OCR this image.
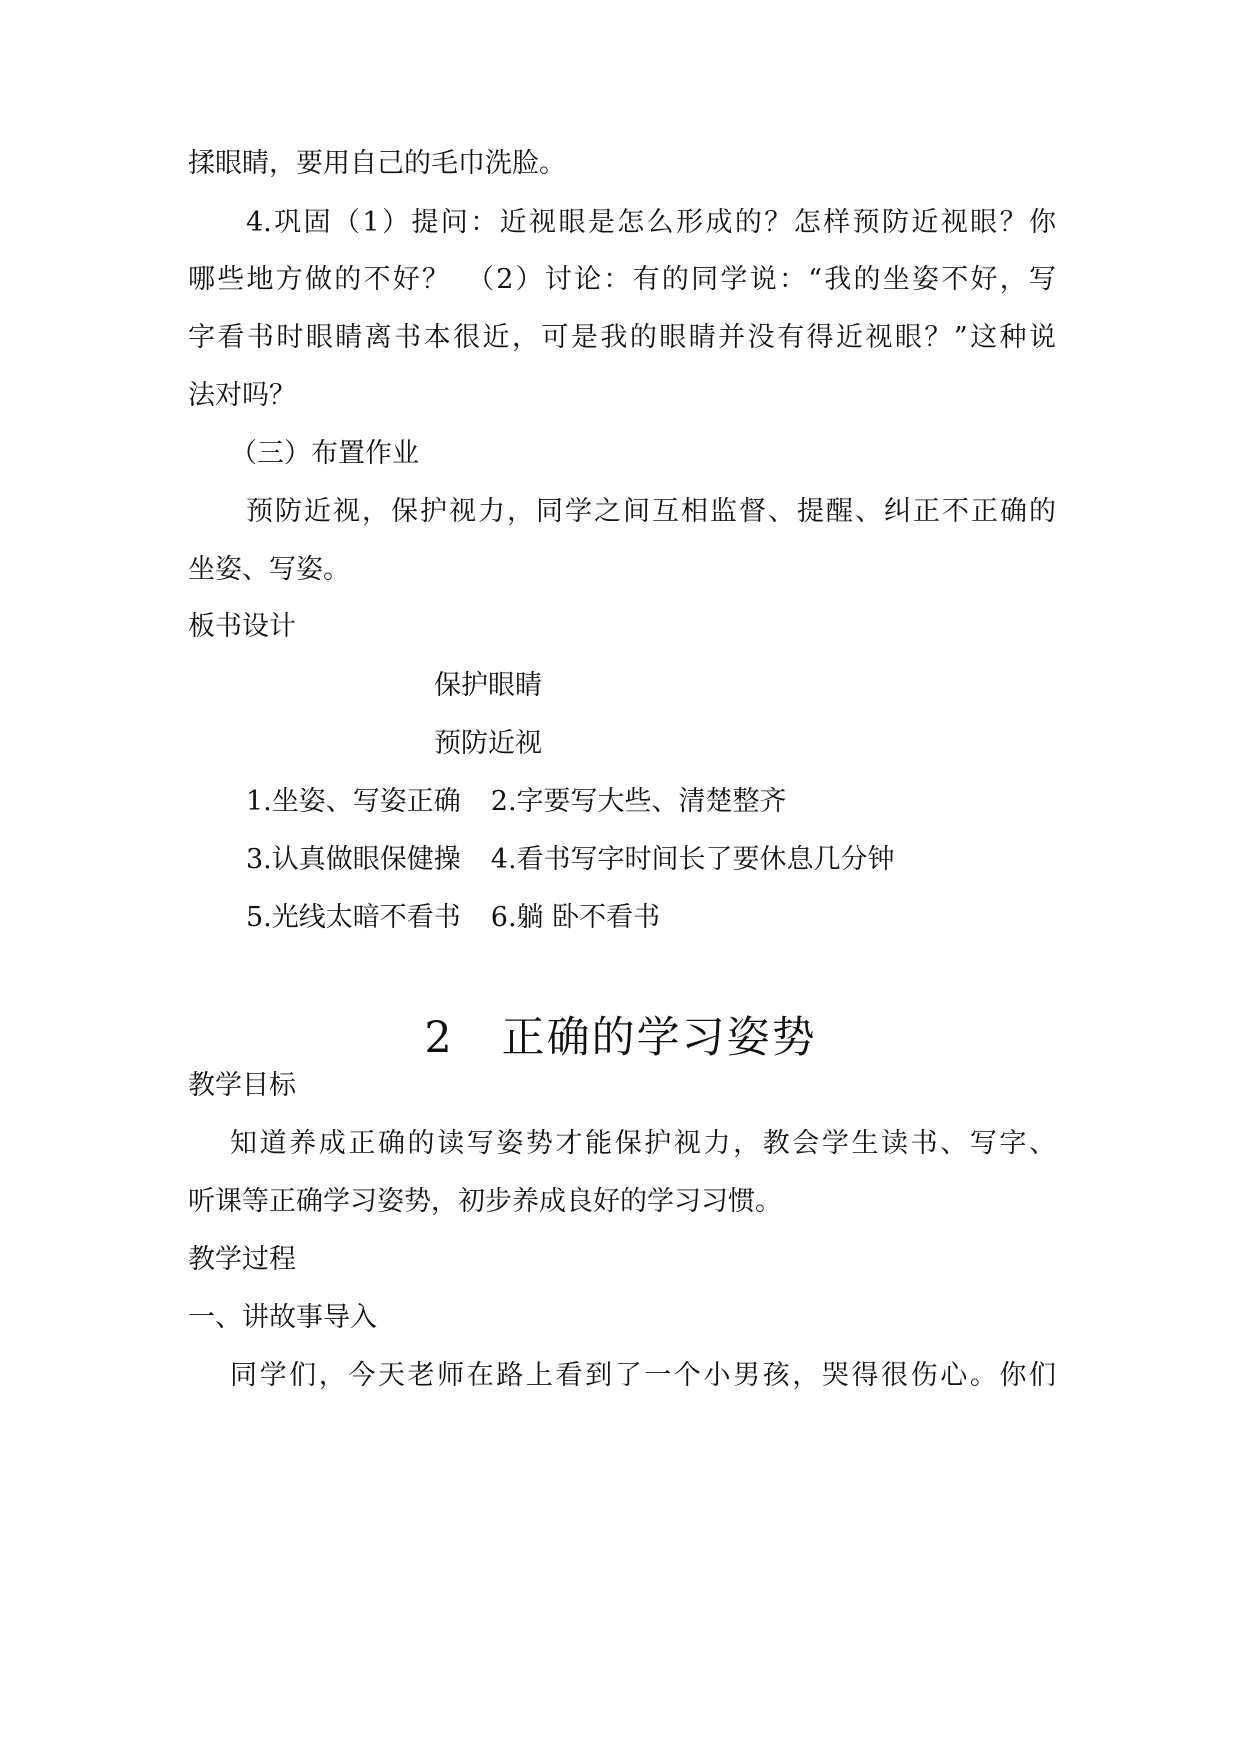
揉眼睛，要用自己的毛巾洗脸。
4.巩固（1）提问：近视眼是怎么形成的？怎样预防近视眼？你
哪些地方做的不好？　（2）讨论：有的同学说：“我的坐姿不好，写
字看书时眼睛离书本很近，可是我的眼睛并没有得近视眼？”这种说
法对吗？
（三）布置作业
预防近视，保护视力，同学之间互相监督、提醒、纠正不正确的
坐姿、写姿。
板书设计
保护眼睛
预防近视
1.坐姿、写姿正确 2.字要写大些、清楚整齐
3.认真做眼保健操 4.看书写字时间长了要休息几分钟
5.光线太暗不看书 6.躺 卧不看书
2 正确的学习姿势
教学目标
知道养成正确的读写姿势才能保护视力，教会学生读书、写字、
听课等正确学习姿势，初步养成良好的学习习惯。
教学过程
一、讲故事导入
同学们，今天老师在路上看到了一个小男孩，哭得很伤心。你们
